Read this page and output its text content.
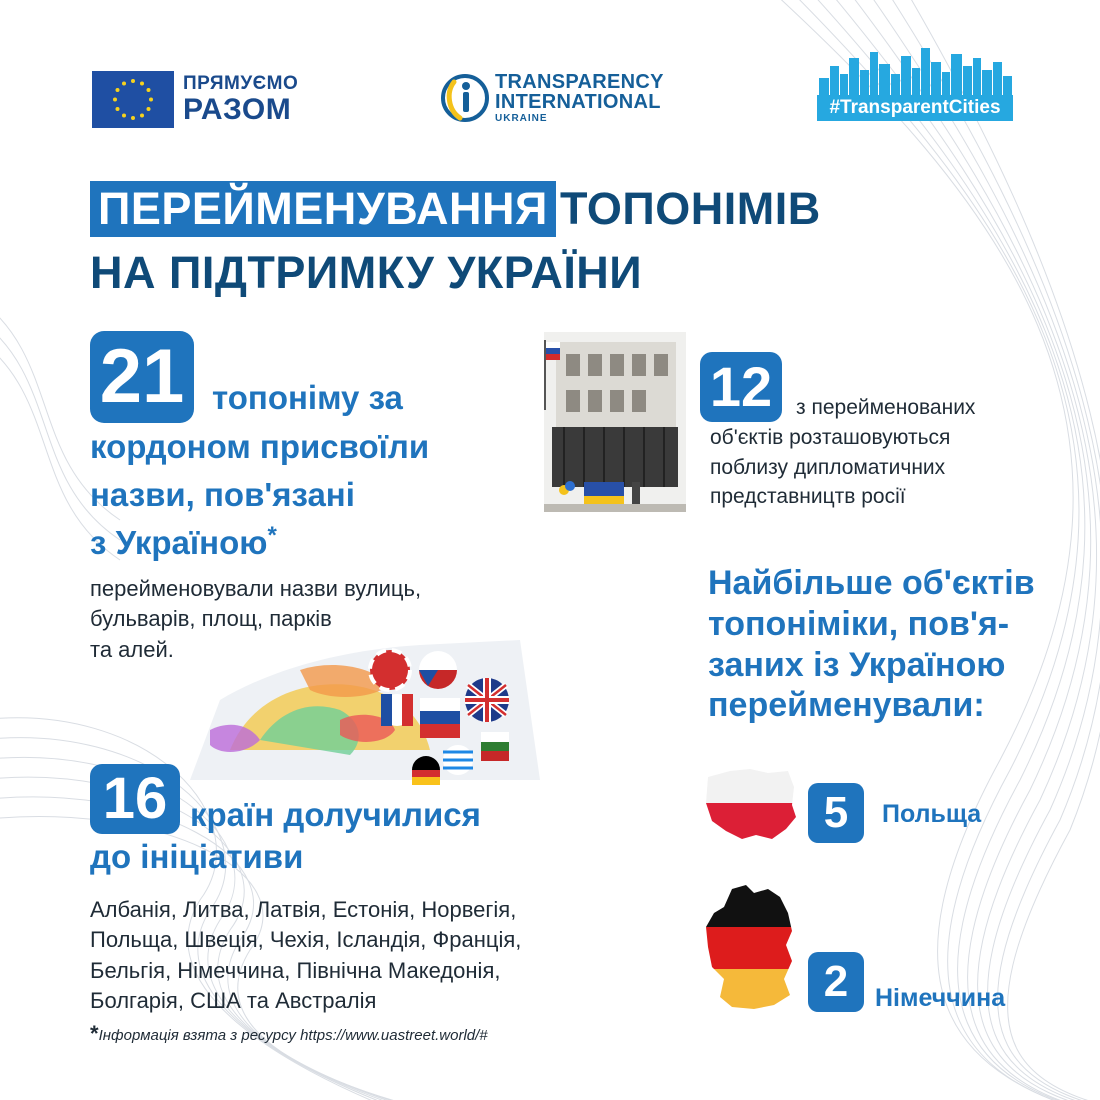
ПРЯМУЄМО
РАЗОМ
TRANSPARENCY
INTERNATIONAL
UKRAINE
#TransparentCities
ПЕРЕЙМЕНУВАННЯ ТОПОНІМІВ
НА ПІДТРИМКУ УКРАЇНИ
21 топоніму за
кордоном присвоїли
назви, пов'язані
з Україною*
перейменовували назви вулиць,
бульварів, площ, парків
та алей.
12	з перейменованих
об'єктів розташовуються
поблизу дипломатичних
представництв росії
Найбільше об'єктів
топоніміки, пов'я-
заних із Україною
перейменували:
5	Польща
2	Німеччина
16 країн долучилися
до ініціативи
Албанія, Литва, Латвія, Естонія, Норвегія,
Польща, Швеція, Чехія, Ісландія, Франція,
Бельгія, Німеччина, Північна Македонія,
Болгарія, США та Австралія
*Інформація взята з ресурсу https://www.uastreet.world/#
